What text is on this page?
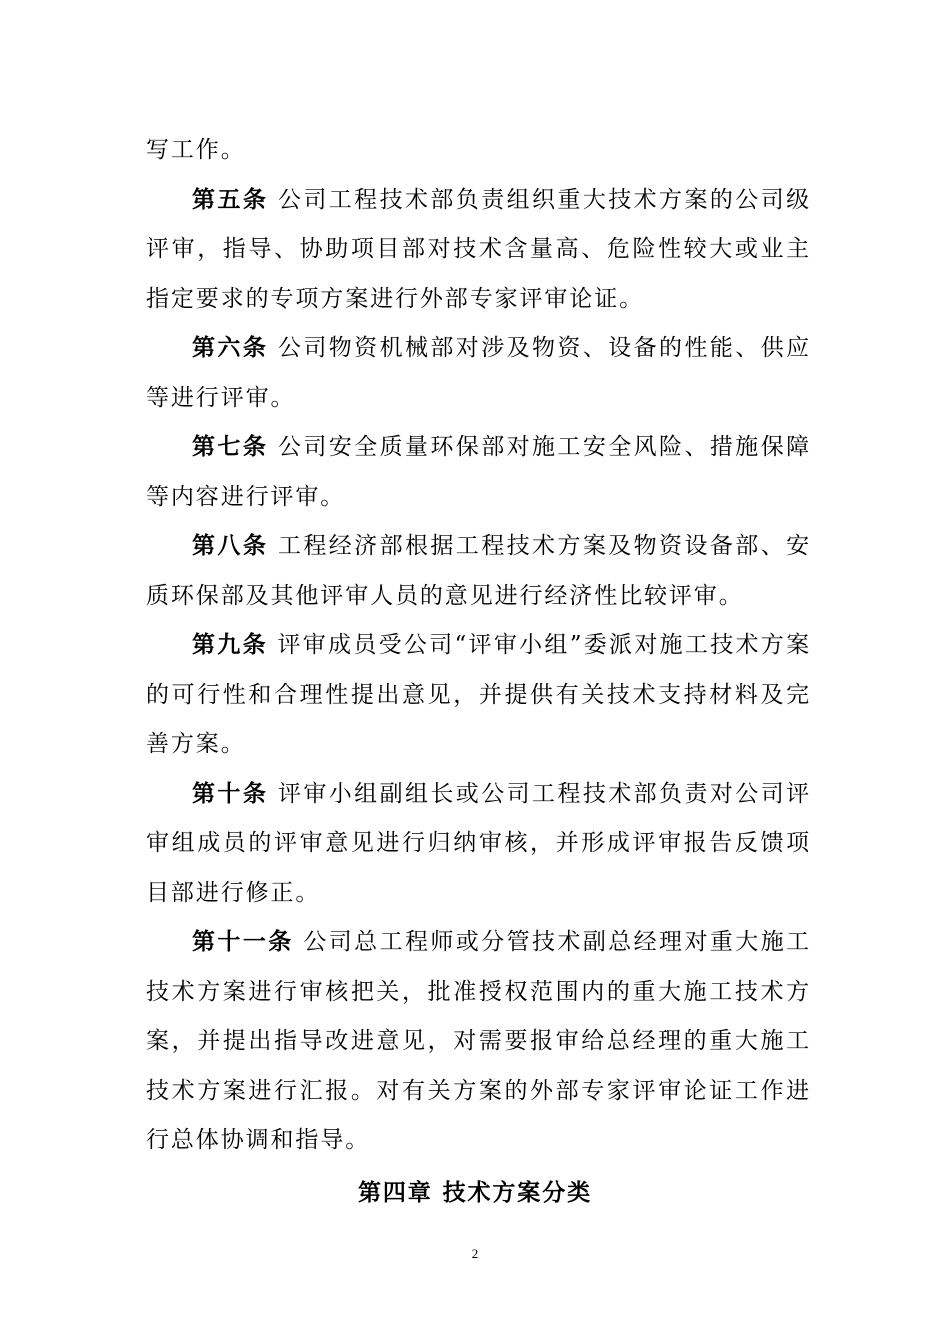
写工作。

第五条 公司工程技术部负责组织重大技术方案的公司级评审，指导、协助项目部对技术含量高、危险性较大或业主指定要求的专项方案进行外部专家评审论证。

第六条 公司物资机械部对涉及物资、设备的性能、供应等进行评审。

第七条 公司安全质量环保部对施工安全风险、措施保障等内容进行评审。

第八条 工程经济部根据工程技术方案及物资设备部、安质环保部及其他评审人员的意见进行经济性比较评审。

第九条 评审成员受公司“评审小组”委派对施工技术方案的可行性和合理性提出意见，并提供有关技术支持材料及完善方案。

第十条 评审小组副组长或公司工程技术部负责对公司评审组成员的评审意见进行归纳审核，并形成评审报告反馈项目部进行修正。

第十一条 公司总工程师或分管技术副总经理对重大施工技术方案进行审核把关，批准授权范围内的重大施工技术方案，并提出指导改进意见，对需要报审给总经理的重大施工技术方案进行汇报。对有关方案的外部专家评审论证工作进行总体协调和指导。

第四章 技术方案分类
2
